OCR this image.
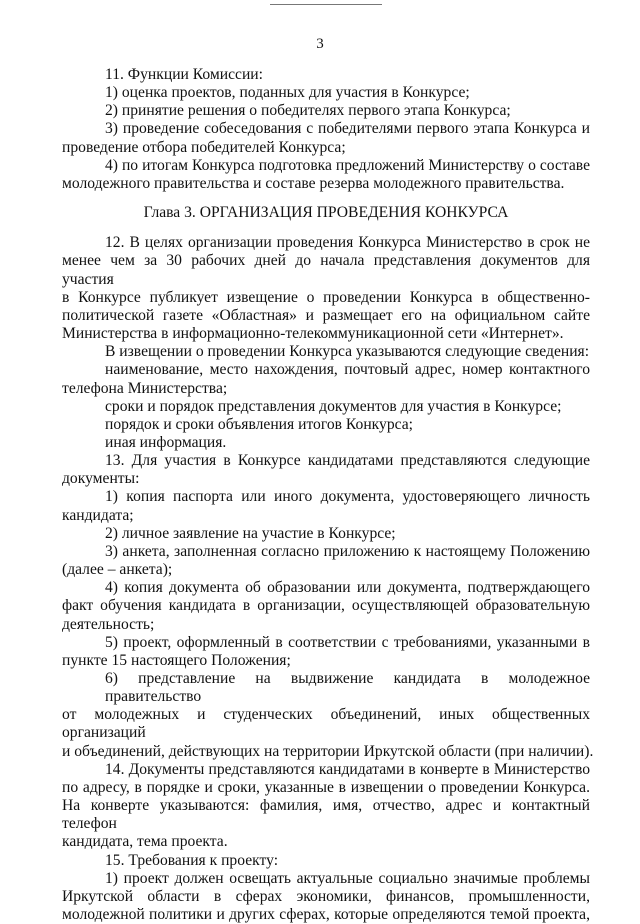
3
11. Функции Комиссии:
1) оценка проектов, поданных для участия в Конкурсе;
2) принятие решения о победителях первого этапа Конкурса;
3) проведение собеседования с победителями первого этапа Конкурса и
проведение отбора победителей Конкурса;
4) по итогам Конкурса подготовка предложений Министерству о составе
молодежного правительства и составе резерва молодежного правительства.
Глава 3. ОРГАНИЗАЦИЯ ПРОВЕДЕНИЯ КОНКУРСА
12. В целях организации проведения Конкурса Министерство в срок не
менее чем за 30 рабочих дней до начала представления документов для участия
в Конкурсе публикует извещение о проведении Конкурса в общественно-
политической газете «Областная» и размещает его на официальном сайте
Министерства в информационно-телекоммуникационной сети «Интернет».
В извещении о проведении Конкурса указываются следующие сведения:
наименование, место нахождения, почтовый адрес, номер контактного
телефона Министерства;
сроки и порядок представления документов для участия в Конкурсе;
порядок и сроки объявления итогов Конкурса;
иная информация.
13. Для участия в Конкурсе кандидатами представляются следующие
документы:
1) копия паспорта или иного документа, удостоверяющего личность
кандидата;
2) личное заявление на участие в Конкурсе;
3) анкета, заполненная согласно приложению к настоящему Положению
(далее – анкета);
4) копия документа об образовании или документа, подтверждающего
факт обучения кандидата в организации, осуществляющей образовательную
деятельность;
5) проект, оформленный в соответствии с требованиями, указанными в
пункте 15 настоящего Положения;
6) представление на выдвижение кандидата в молодежное правительство
от молодежных и студенческих объединений, иных общественных организаций
и объединений, действующих на территории Иркутской области (при наличии).
14. Документы представляются кандидатами в конверте в Министерство
по адресу, в порядке и сроки, указанные в извещении о проведении Конкурса.
На конверте указываются: фамилия, имя, отчество, адрес и контактный телефон
кандидата, тема проекта.
15. Требования к проекту:
1) проект должен освещать актуальные социально значимые проблемы
Иркутской области в сферах экономики, финансов, промышленности,
молодежной политики и других сферах, которые определяются темой проекта,
